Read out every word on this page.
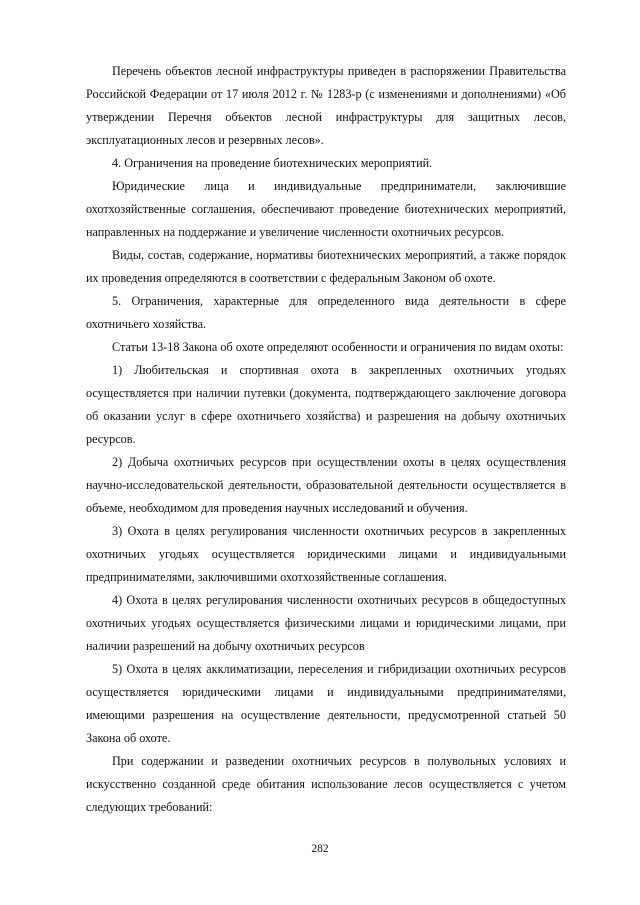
Перечень объектов лесной инфраструктуры приведен в распоряжении Правительства Российской Федерации от 17 июля 2012 г. № 1283-р (с изменениями и дополнениями) «Об утверждении Перечня объектов лесной инфраструктуры для защитных лесов, эксплуатационных лесов и резервных лесов».

4. Ограничения на проведение биотехнических мероприятий.

Юридические лица и индивидуальные предприниматели, заключившие охотхозяйственные соглашения, обеспечивают проведение биотехнических мероприятий, направленных на поддержание и увеличение численности охотничьих ресурсов.

Виды, состав, содержание, нормативы биотехнических мероприятий, а также порядок их проведения определяются в соответствии с федеральным Законом об охоте.

5. Ограничения, характерные для определенного вида деятельности в сфере охотничьего хозяйства.

Статьи 13-18 Закона об охоте определяют особенности и ограничения по видам охоты:

1) Любительская и спортивная охота в закрепленных охотничьих угодьях осуществляется при наличии путевки (документа, подтверждающего заключение договора об оказании услуг в сфере охотничьего хозяйства) и разрешения на добычу охотничьих ресурсов.

2) Добыча охотничьих ресурсов при осуществлении охоты в целях осуществления научно-исследовательской деятельности, образовательной деятельности осуществляется в объеме, необходимом для проведения научных исследований и обучения.

3) Охота в целях регулирования численности охотничьих ресурсов в закрепленных охотничьих угодьях осуществляется юридическими лицами и индивидуальными предпринимателями, заключившими охотхозяйственные соглашения.

4) Охота в целях регулирования численности охотничьих ресурсов в общедоступных охотничьих угодьях осуществляется физическими лицами и юридическими лицами, при наличии разрешений на добычу охотничьих ресурсов

5) Охота в целях акклиматизации, переселения и гибридизации охотничьих ресурсов осуществляется юридическими лицами и индивидуальными предпринимателями, имеющими разрешения на осуществление деятельности, предусмотренной статьей 50 Закона об охоте.

При содержании и разведении охотничьих ресурсов в полувольных условиях и искусственно созданной среде обитания использование лесов осуществляется с учетом следующих требований:

282
